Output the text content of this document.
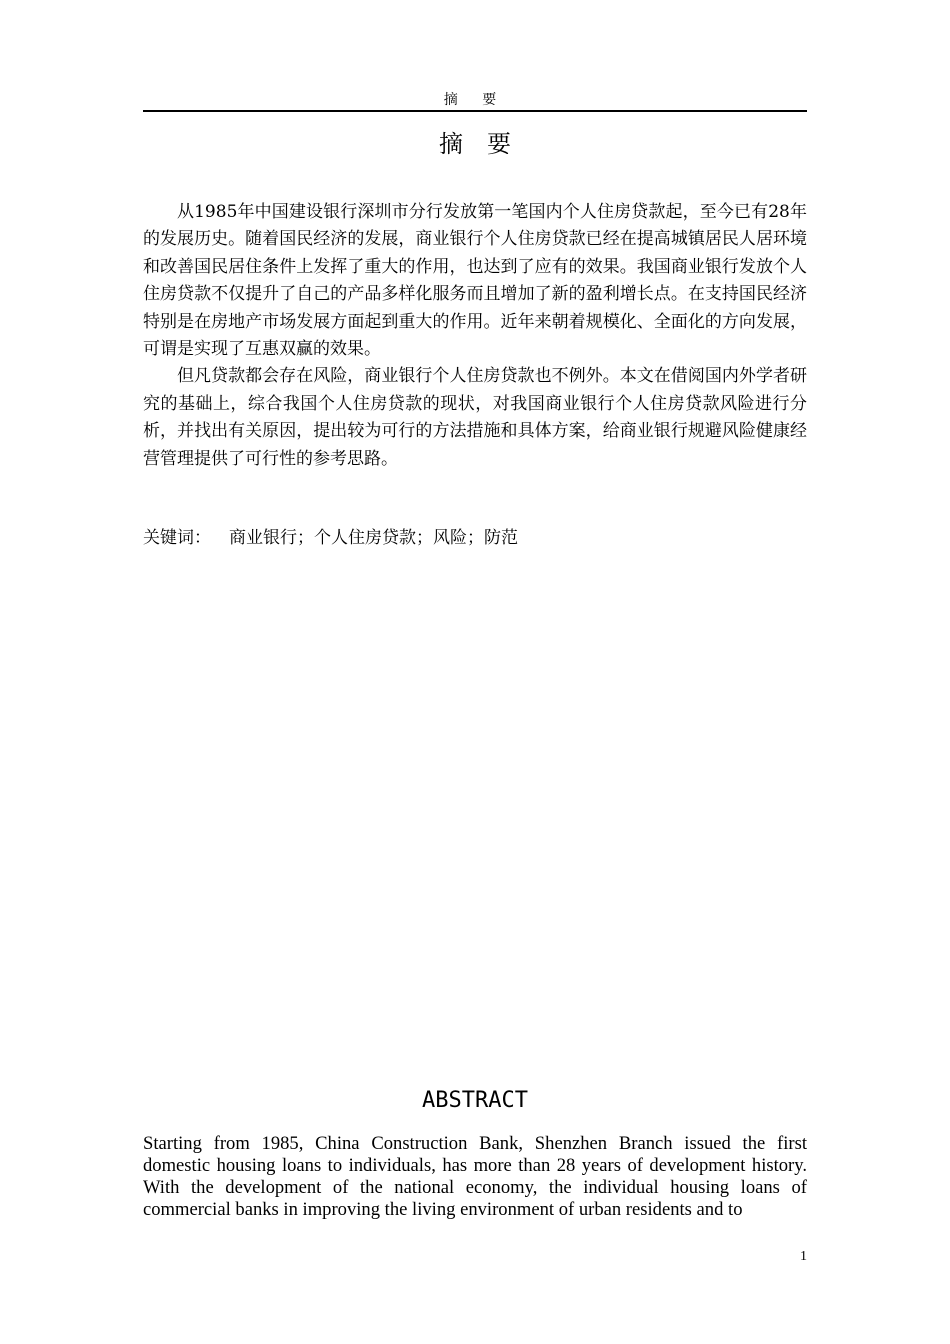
摘 要
摘要

从1985年中国建设银行深圳市分行发放第一笔国内个人住房贷款起，至今已有28年的发展历史。随着国民经济的发展，商业银行个人住房贷款已经在提高城镇居民人居环境和改善国民居住条件上发挥了重大的作用，也达到了应有的效果。我国商业银行发放个人住房贷款不仅提升了自己的产品多样化服务而且增加了新的盈利增长点。在支持国民经济特别是在房地产市场发展方面起到重大的作用。近年来朝着规模化、全面化的方向发展，可谓是实现了互惠双赢的效果。

但凡贷款都会存在风险，商业银行个人住房贷款也不例外。本文在借阅国内外学者研究的基础上，综合我国个人住房贷款的现状，对我国商业银行个人住房贷款风险进行分析，并找出有关原因，提出较为可行的方法措施和具体方案，给商业银行规避风险健康经营管理提供了可行性的参考思路。

关键词： 商业银行；个人住房贷款；风险；防范
ABSTRACT

Starting from 1985, China Construction Bank, Shenzhen Branch issued the first domestic housing loans to individuals, has more than 28 years of development history. With the development of the national economy, the individual housing loans of commercial banks in improving the living environment of urban residents and to

1
